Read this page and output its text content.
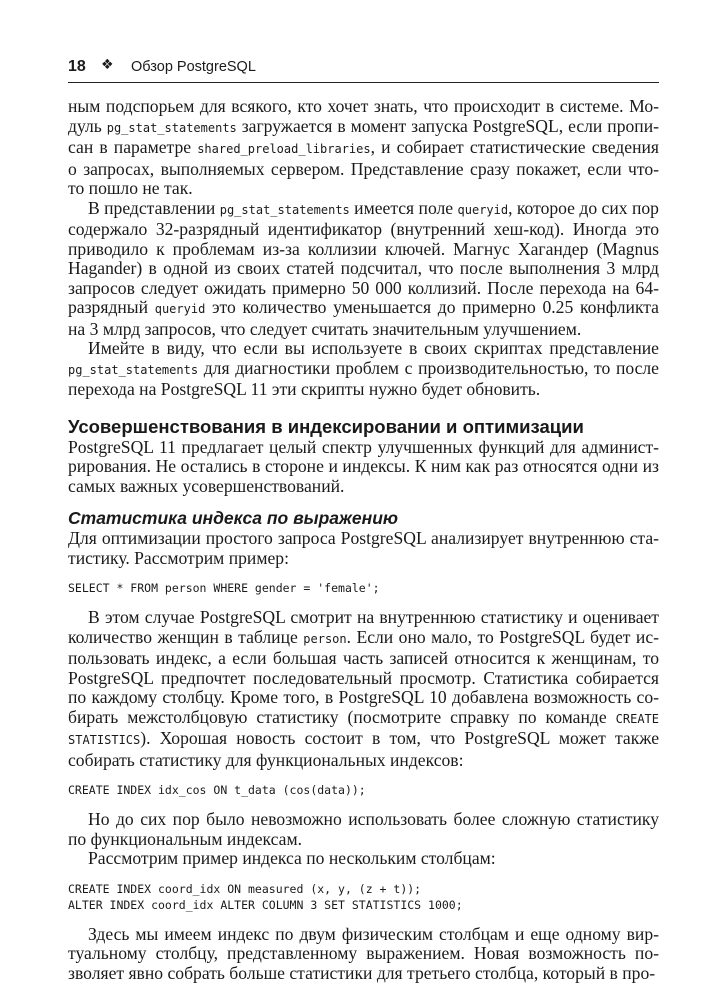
18 ❖ Обзор PostgreSQL

ным подспорьем для всякого, кто хочет знать, что происходит в системе. Модуль pg_stat_statements загружается в момент запуска PostgreSQL, если прописан в параметре shared_preload_libraries, и собирает статистические сведения о запросах, выполняемых сервером. Представление сразу покажет, если что-то пошло не так.

В представлении pg_stat_statements имеется поле queryid, которое до сих пор содержало 32-разрядный идентификатор (внутренний хеш-код). Иногда это приводило к проблемам из-за коллизии ключей. Магнус Хагандер (Magnus Hagander) в одной из своих статей подсчитал, что после выполнения 3 млрд запросов следует ожидать примерно 50 000 коллизий. После перехода на 64-разрядный queryid это количество уменьшается до примерно 0.25 конфликта на 3 млрд запросов, что следует считать значительным улучшением.

Имейте в виду, что если вы используете в своих скриптах представление pg_stat_statements для диагностики проблем с производительностью, то после перехода на PostgreSQL 11 эти скрипты нужно будет обновить.

Усовершенствования в индексировании и оптимизации

PostgreSQL 11 предлагает целый спектр улучшенных функций для администрирования. Не остались в стороне и индексы. К ним как раз относятся одни из самых важных усовершенствований.

Статистика индекса по выражению

Для оптимизации простого запроса PostgreSQL анализирует внутреннюю статистику. Рассмотрим пример:

SELECT * FROM person WHERE gender = 'female';

В этом случае PostgreSQL смотрит на внутреннюю статистику и оценивает количество женщин в таблице person. Если оно мало, то PostgreSQL будет использовать индекс, а если большая часть записей относится к женщинам, то PostgreSQL предпочтет последовательный просмотр. Статистика собирается по каждому столбцу. Кроме того, в PostgreSQL 10 добавлена возможность собирать межстолбцовую статистику (посмотрите справку по команде CREATE STATISTICS). Хорошая новость состоит в том, что PostgreSQL может также собирать статистику для функциональных индексов:

CREATE INDEX idx_cos ON t_data (cos(data));

Но до сих пор было невозможно использовать более сложную статистику по функциональным индексам.

Рассмотрим пример индекса по нескольким столбцам:

CREATE INDEX coord_idx ON measured (x, y, (z + t));
ALTER INDEX coord_idx ALTER COLUMN 3 SET STATISTICS 1000;

Здесь мы имеем индекс по двум физическим столбцам и еще одному виртуальному столбцу, представленному выражением. Новая возможность позволяет явно собрать больше статистики для третьего столбца, который в про-
